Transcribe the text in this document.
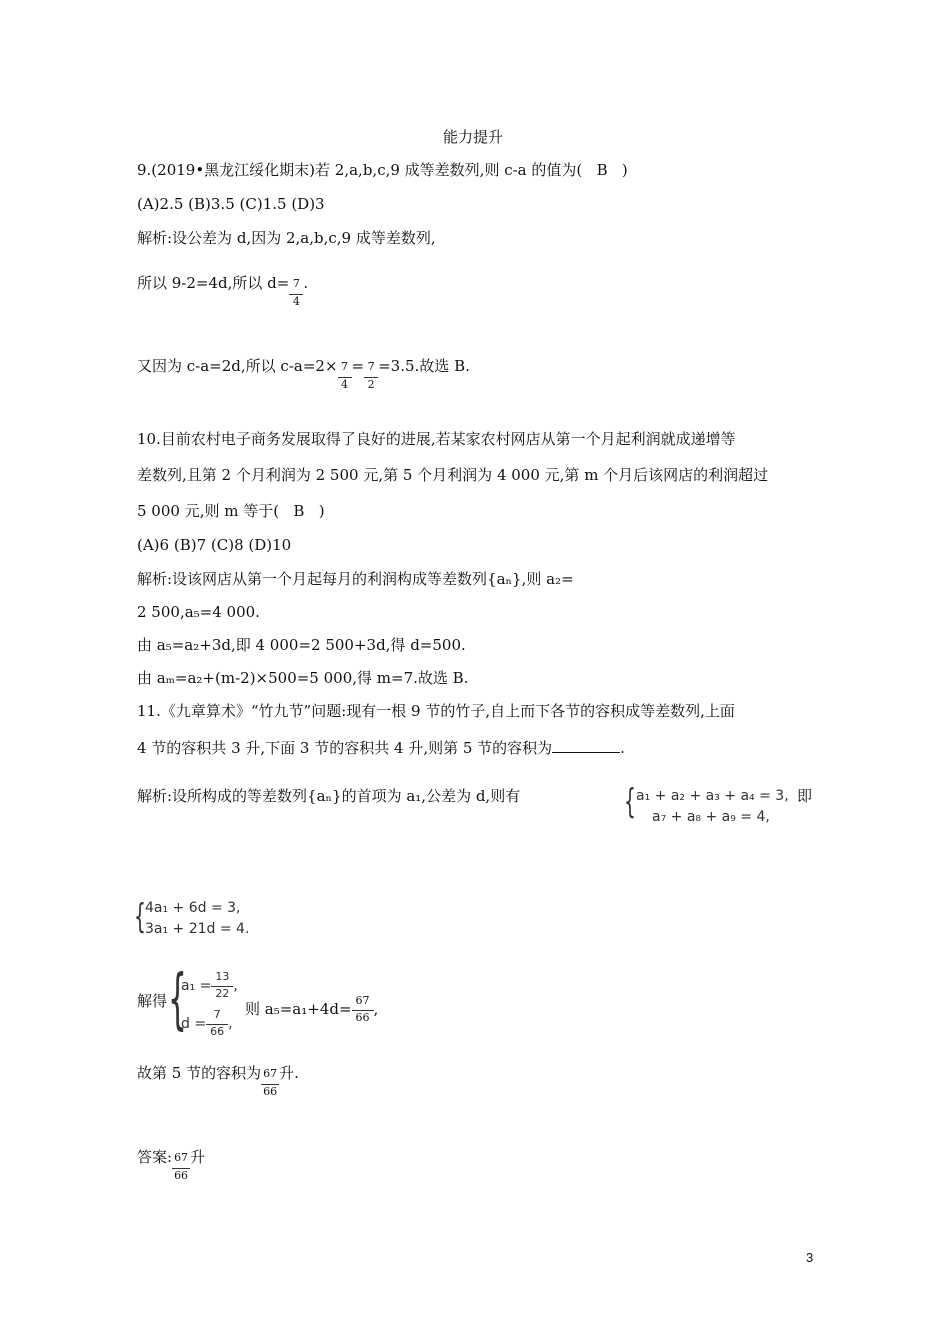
能力提升
9.(2019•黑龙江绥化期末)若 2,a,b,c,9 成等差数列,则 c-a 的值为( B )
(A)2.5 (B)3.5 (C)1.5 (D)3
解析:设公差为 d,因为 2,a,b,c,9 成等差数列,
所以 9-2=4d,所以 $d= \frac{7}{4}$ .
又因为 c-a=2d,所以 $c-a=2\times \frac{7}{4} = \frac{7}{2} =3.5$.故选 B.
10.目前农村电子商务发展取得了良好的进展,若某家农村网店从第一个月起利润就成递增等
差数列,且第 2 个月利润为 2 500 元,第 5 个月利润为 4 000 元,第 m 个月后该网店的利润超过
5 000 元,则 m 等于( B )
(A)6 (B)7 (C)8 (D)10
解析:设该网店从第一个月起每月的利润构成等差数列{aₙ},则 a₂=
2 500,a₅=4 000.
由 a₅=a₂+3d,即 4 000=2 500+3d,得 d=500.
由 aₘ=a₂+(m-2)×500=5 000,得 m=7.故选 B.
11.《九章算术》“竹九节”问题:现有一根 9 节的竹子,自上而下各节的容积成等差数列,上面
4 节的容积共 3 升,下面 3 节的容积共 4 升,则第 5 节的容积为	.
解析:设所构成的等差数列{aₙ}的首项为 a₁,公差为 d,则有	{ a₁ + a₂ + a₃ + a₄ = 3, 即
a₇ + a₈ + a₉ = 4,
{ 4a₁ + 6d = 3,
3a₁ + 21d = 4.
解得 {
$a_1 = \frac{13}{22}$ ,
$d = \frac{7}{66}$ ,
则 $a_5=a_1+4d= \frac{67}{66}$ ,
故第 5 节的容积为 $\frac{67}{66}$ 升.
答案: $\frac{67}{66}$ 升
3
